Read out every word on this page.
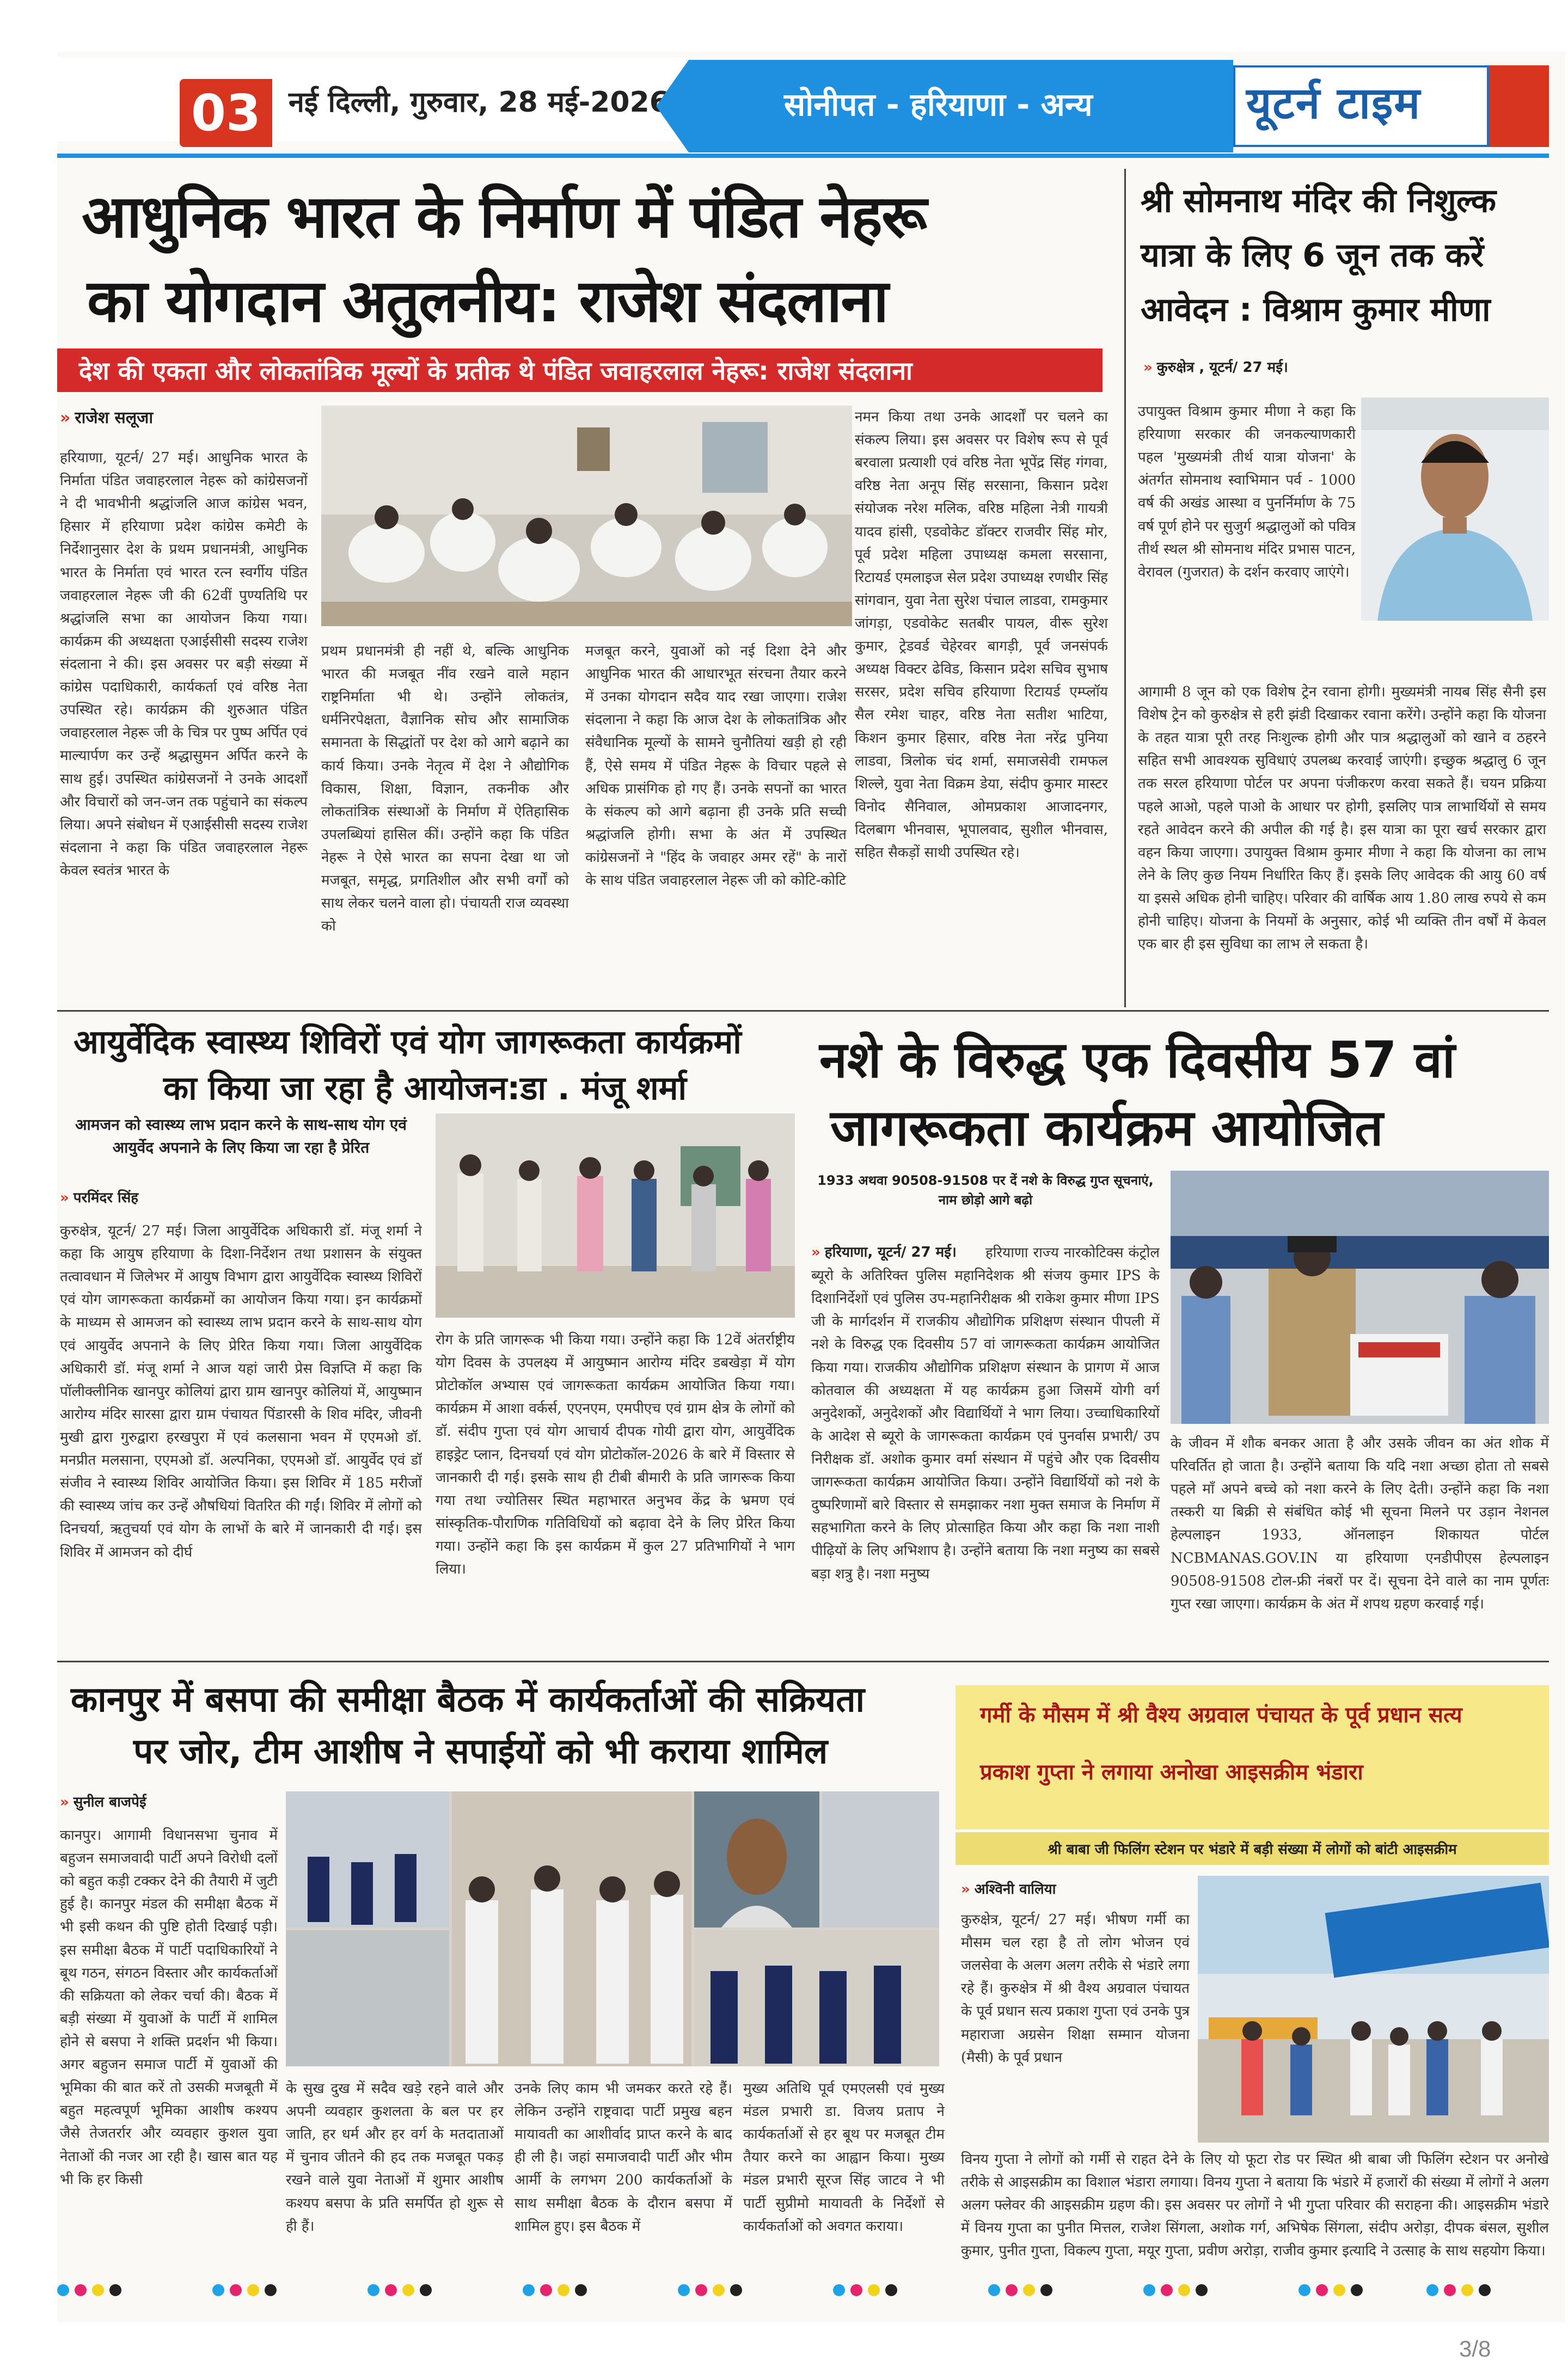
03 नई दिल्ली, गुरुवार, 28 मई-2026	सोनीपत - हरियाणा - अन्य	यूटर्न टाइम
आधुनिक भारत के निर्माण में पंडित नेहरू
का योगदान अतुलनीय: राजेश संदलाना
देश की एकता और लोकतांत्रिक मूल्यों के प्रतीक थे पंडित जवाहरलाल नेहरू: राजेश संदलाना
» राजेश सलूजा
हरियाणा, यूटर्न/ 27 मई। आधुनिक भारत के निर्माता पंडित जवाहरलाल नेहरू को कांग्रेसजनों ने दी भावभीनी श्रद्धांजलि आज कांग्रेस भवन, हिसार में हरियाणा प्रदेश कांग्रेस कमेटी के निर्देशानुसार देश के प्रथम प्रधानमंत्री, आधुनिक भारत के निर्माता एवं भारत रत्न स्वर्गीय पंडित जवाहरलाल नेहरू जी की 62वीं पुण्यतिथि पर श्रद्धांजलि सभा का आयोजन किया गया। कार्यक्रम की अध्यक्षता एआईसीसी सदस्य राजेश संदलाना ने की। इस अवसर पर बड़ी संख्या में कांग्रेस पदाधिकारी, कार्यकर्ता एवं वरिष्ठ नेता उपस्थित रहे। कार्यक्रम की शुरुआत पंडित जवाहरलाल नेहरू जी के चित्र पर पुष्प अर्पित एवं माल्यार्पण कर उन्हें श्रद्धासुमन अर्पित करने के साथ हुई। उपस्थित कांग्रेसजनों ने उनके आदर्शों और विचारों को जन-जन तक पहुंचाने का संकल्प लिया। अपने संबोधन में एआईसीसी सदस्य राजेश संदलाना ने कहा कि पंडित जवाहरलाल नेहरू केवल स्वतंत्र भारत के
प्रथम प्रधानमंत्री ही नहीं थे, बल्कि आधुनिक भारत की मजबूत नींव रखने वाले महान राष्ट्रनिर्माता भी थे। उन्होंने लोकतंत्र, धर्मनिरपेक्षता, वैज्ञानिक सोच और सामाजिक समानता के सिद्धांतों पर देश को आगे बढ़ाने का कार्य किया। उनके नेतृत्व में देश ने औद्योगिक विकास, शिक्षा, विज्ञान, तकनीक और लोकतांत्रिक संस्थाओं के निर्माण में ऐतिहासिक उपलब्धियां हासिल कीं। उन्होंने कहा कि पंडित नेहरू ने ऐसे भारत का सपना देखा था जो मजबूत, समृद्ध, प्रगतिशील और सभी वर्गों को साथ लेकर चलने वाला हो। पंचायती राज व्यवस्था को
मजबूत करने, युवाओं को नई दिशा देने और आधुनिक भारत की आधारभूत संरचना तैयार करने में उनका योगदान सदैव याद रखा जाएगा। राजेश संदलाना ने कहा कि आज देश के लोकतांत्रिक और संवैधानिक मूल्यों के सामने चुनौतियां खड़ी हो रही हैं, ऐसे समय में पंडित नेहरू के विचार पहले से अधिक प्रासंगिक हो गए हैं। उनके सपनों का भारत के संकल्प को आगे बढ़ाना ही उनके प्रति सच्ची श्रद्धांजलि होगी। सभा के अंत में उपस्थित कांग्रेसजनों ने "हिंद के जवाहर अमर रहें" के नारों के साथ पंडित जवाहरलाल नेहरू जी को कोटि-कोटि
नमन किया तथा उनके आदर्शों पर चलने का संकल्प लिया। इस अवसर पर विशेष रूप से पूर्व बरवाला प्रत्याशी एवं वरिष्ठ नेता भूपेंद्र सिंह गंगवा, वरिष्ठ नेता अनूप सिंह सरसाना, किसान प्रदेश संयोजक नरेश मलिक, वरिष्ठ महिला नेत्री गायत्री यादव हांसी, एडवोकेट डॉक्टर राजवीर सिंह मोर, पूर्व प्रदेश महिला उपाध्यक्ष कमला सरसाना, रिटायर्ड एमलाइज सेल प्रदेश उपाध्यक्ष रणधीर सिंह सांगवान, युवा नेता सुरेश पंचाल लाडवा, रामकुमार जांगड़ा, एडवोकेट सतबीर पायल, वीरू सुरेश कुमार, ट्रेडवर्ड चेहेरवर बागड़ी, पूर्व जनसंपर्क अध्यक्ष विक्टर ढेविड, किसान प्रदेश सचिव सुभाष सरसर, प्रदेश सचिव हरियाणा रिटायर्ड एम्प्लॉय सैल रमेश चाहर, वरिष्ठ नेता सतीश भाटिया, किशन कुमार हिसार, वरिष्ठ नेता नरेंद्र पुनिया लाडवा, त्रिलोक चंद शर्मा, समाजसेवी रामफल शिल्ले, युवा नेता विक्रम डेया, संदीप कुमार मास्टर विनोद सैनिवाल, ओमप्रकाश आजादनगर, दिलबाग भीनवास, भूपालवाद, सुशील भीनवास, सहित सैकड़ों साथी उपस्थित रहे।
श्री सोमनाथ मंदिर की निशुल्क
यात्रा के लिए 6 जून तक करें
आवेदन : विश्राम कुमार मीणा
» कुरुक्षेत्र , यूटर्न/ 27 मई।
उपायुक्त विश्राम कुमार मीणा ने कहा कि हरियाणा सरकार की जनकल्याणकारी पहल 'मुख्यमंत्री तीर्थ यात्रा योजना' के अंतर्गत सोमनाथ स्वाभिमान पर्व - 1000 वर्ष की अखंड आस्था व पुनर्निर्माण के 75 वर्ष पूर्ण होने पर सुजुर्ग श्रद्धालुओं को पवित्र तीर्थ स्थल श्री सोमनाथ मंदिर प्रभास पाटन, वेरावल (गुजरात) के दर्शन करवाए जाएंगे।
आगामी 8 जून को एक विशेष ट्रेन रवाना होगी। मुख्यमंत्री नायब सिंह सैनी इस विशेष ट्रेन को कुरुक्षेत्र से हरी झंडी दिखाकर रवाना करेंगे। उन्होंने कहा कि योजना के तहत यात्रा पूरी तरह निःशुल्क होगी और पात्र श्रद्धालुओं को खाने व ठहरने सहित सभी आवश्यक सुविधाएं उपलब्ध करवाई जाएंगी। इच्छुक श्रद्धालु 6 जून तक सरल हरियाणा पोर्टल पर अपना पंजीकरण करवा सकते हैं। चयन प्रक्रिया पहले आओ, पहले पाओ के आधार पर होगी, इसलिए पात्र लाभार्थियों से समय रहते आवेदन करने की अपील की गई है। इस यात्रा का पूरा खर्च सरकार द्वारा वहन किया जाएगा। उपायुक्त विश्राम कुमार मीणा ने कहा कि योजना का लाभ लेने के लिए कुछ नियम निर्धारित किए हैं। इसके लिए आवेदक की आयु 60 वर्ष या इससे अधिक होनी चाहिए। परिवार की वार्षिक आय 1.80 लाख रुपये से कम होनी चाहिए। योजना के नियमों के अनुसार, कोई भी व्यक्ति तीन वर्षों में केवल एक बार ही इस सुविधा का लाभ ले सकता है।
आयुर्वेदिक स्वास्थ्य शिविरों एवं योग जागरूकता कार्यक्रमों
का किया जा रहा है आयोजन:डा . मंजू शर्मा
आमजन को स्वास्थ्य लाभ प्रदान करने के साथ-साथ योग एवं आयुर्वेद अपनाने के लिए किया जा रहा है प्रेरित
» परमिंदर सिंह
कुरुक्षेत्र, यूटर्न/ 27 मई। जिला आयुर्वेदिक अधिकारी डॉ. मंजू शर्मा ने कहा कि आयुष हरियाणा के दिशा-निर्देशन तथा प्रशासन के संयुक्त तत्वावधान में जिलेभर में आयुष विभाग द्वारा आयुर्वेदिक स्वास्थ्य शिविरों एवं योग जागरूकता कार्यक्रमों का आयोजन किया गया। इन कार्यक्रमों के माध्यम से आमजन को स्वास्थ्य लाभ प्रदान करने के साथ-साथ योग एवं आयुर्वेद अपनाने के लिए प्रेरित किया गया। जिला आयुर्वेदिक अधिकारी डॉ. मंजू शर्मा ने आज यहां जारी प्रेस विज्ञप्ति में कहा कि पॉलीक्लीनिक खानपुर कोलियां द्वारा ग्राम खानपुर कोलियां में, आयुष्मान आरोग्य मंदिर सारसा द्वारा ग्राम पंचायत पिंडारसी के शिव मंदिर, जीवनी मुखी द्वारा गुरुद्वारा हरखपुरा में एवं कलसाना भवन में एएमओ डॉ. मनप्रीत मलसाना, एएमओ डॉ. अल्पनिका, एएमओ डॉ. आयुर्वेद एवं डॉ संजीव ने स्वास्थ्य शिविर आयोजित किया। इस शिविर में 185 मरीजों की स्वास्थ्य जांच कर उन्हें औषधियां वितरित की गईं। शिविर में लोगों को दिनचर्या, ऋतुचर्या एवं योग के लाभों के बारे में जानकारी दी गई। इस शिविर में आमजन को दीर्घ
रोग के प्रति जागरूक भी किया गया। उन्होंने कहा कि 12वें अंतर्राष्ट्रीय योग दिवस के उपलक्ष्य में आयुष्मान आरोग्य मंदिर डबखेड़ा में योग प्रोटोकॉल अभ्यास एवं जागरूकता कार्यक्रम आयोजित किया गया। कार्यक्रम में आशा वर्कर्स, एएनएम, एमपीएच एवं ग्राम क्षेत्र के लोगों को डॉ. संदीप गुप्ता एवं योग आचार्य दीपक गोयी द्वारा योग, आयुर्वेदिक हाइड्रेट प्लान, दिनचर्या एवं योग प्रोटोकॉल-2026 के बारे में विस्तार से जानकारी दी गई। इसके साथ ही टीबी बीमारी के प्रति जागरूक किया गया तथा ज्योतिसर स्थित महाभारत अनुभव केंद्र के भ्रमण एवं सांस्कृतिक-पौराणिक गतिविधियों को बढ़ावा देने के लिए प्रेरित किया गया। उन्होंने कहा कि इस कार्यक्रम में कुल 27 प्रतिभागियों ने भाग लिया।
नशे के विरुद्ध एक दिवसीय 57 वां
जागरूकता कार्यक्रम आयोजित
1933 अथवा 90508-91508 पर दें नशे के विरुद्ध गुप्त सूचनाएं, नाम छोड़ो आगे बढ़ो
» हरियाणा, यूटर्न/ 27 मई।	हरियाणा राज्य नारकोटिक्स कंट्रोल ब्यूरो के अतिरिक्त पुलिस महानिदेशक श्री संजय कुमार IPS के दिशानिर्देशों एवं पुलिस उप-महानिरीक्षक श्री राकेश कुमार मीणा IPS जी के मार्गदर्शन में राजकीय औद्योगिक प्रशिक्षण संस्थान पीपली में नशे के विरुद्ध एक दिवसीय 57 वां जागरूकता कार्यक्रम आयोजित किया गया। राजकीय औद्योगिक प्रशिक्षण संस्थान के प्रागण में आज कोतवाल की अध्यक्षता में यह कार्यक्रम हुआ जिसमें योगी वर्ग अनुदेशकों, अनुदेशकों और विद्यार्थियों ने भाग लिया। उच्चाधिकारियों के आदेश से ब्यूरो के जागरूकता कार्यक्रम एवं पुनर्वास प्रभारी/ उप निरीक्षक डॉ. अशोक कुमार वर्मा संस्थान में पहुंचे और एक दिवसीय जागरूकता कार्यक्रम आयोजित किया। उन्होंने विद्यार्थियों को नशे के दुष्परिणामों बारे विस्तार से समझाकर नशा मुक्त समाज के निर्माण में सहभागिता करने के लिए प्रोत्साहित किया और कहा कि नशा नाशी पीढ़ियों के लिए अभिशाप है। उन्होंने बताया कि नशा मनुष्य का सबसे बड़ा शत्रु है। नशा मनुष्य
के जीवन में शौक बनकर आता है और उसके जीवन का अंत शोक में परिवर्तित हो जाता है। उन्होंने बताया कि यदि नशा अच्छा होता तो सबसे पहले माँ अपने बच्चे को नशा करने के लिए देती। उन्होंने कहा कि नशा तस्करी या बिक्री से संबंधित कोई भी सूचना मिलने पर उड़ान नेशनल हेल्पलाइन 1933, ऑनलाइन शिकायत पोर्टल NCBMANAS.GOV.IN या हरियाणा एनडीपीएस हेल्पलाइन 90508-91508 टोल-फ्री नंबरों पर दें। सूचना देने वाले का नाम पूर्णतः गुप्त रखा जाएगा। कार्यक्रम के अंत में शपथ ग्रहण करवाई गई।
कानपुर में बसपा की समीक्षा बैठक में कार्यकर्ताओं की सक्रियता
पर जोर, टीम आशीष ने सपाईयों को भी कराया शामिल
» सुनील बाजपेई
कानपुर। आगामी विधानसभा चुनाव में बहुजन समाजवादी पार्टी अपने विरोधी दलों को बहुत कड़ी टक्कर देने की तैयारी में जुटी हुई है। कानपुर मंडल की समीक्षा बैठक में भी इसी कथन की पुष्टि होती दिखाई पड़ी। इस समीक्षा बैठक में पार्टी पदाधिकारियों ने बूथ गठन, संगठन विस्तार और कार्यकर्ताओं की सक्रियता को लेकर चर्चा की। बैठक में बड़ी संख्या में युवाओं के पार्टी में शामिल होने से बसपा ने शक्ति प्रदर्शन भी किया। अगर बहुजन समाज पार्टी में युवाओं की भूमिका की बात करें तो उसकी मजबूती में बहुत महत्वपूर्ण भूमिका आशीष कश्यप जैसे तेजतर्रार और व्यवहार कुशल युवा नेताओं की नजर आ रही है। खास बात यह भी कि हर किसी
के सुख दुख में सदैव खड़े रहने वाले और अपनी व्यवहार कुशलता के बल पर हर जाति, हर धर्म और हर वर्ग के मतदाताओं में चुनाव जीतने की हद तक मजबूत पकड़ रखने वाले युवा नेताओं में शुमार आशीष कश्यप बसपा के प्रति समर्पित हो शुरू से ही हैं।
उनके लिए काम भी जमकर करते रहे हैं। लेकिन उन्होंने राष्ट्रवादा पार्टी प्रमुख बहन मायावती का आशीर्वाद प्राप्त करने के बाद ही ली है। जहां समाजवादी पार्टी और भीम आर्मी के लगभग 200 कार्यकर्ताओं के साथ समीक्षा बैठक के दौरान बसपा में शामिल हुए। इस बैठक में
मुख्य अतिथि पूर्व एमएलसी एवं मुख्य मंडल प्रभारी डा. विजय प्रताप ने कार्यकर्ताओं से हर बूथ पर मजबूत टीम तैयार करने का आह्वान किया। मुख्य मंडल प्रभारी सूरज सिंह जाटव ने भी पार्टी सुप्रीमो मायावती के निर्देशों से कार्यकर्ताओं को अवगत कराया।
गर्मी के मौसम में श्री वैश्य अग्रवाल पंचायत के पूर्व प्रधान सत्य
प्रकाश गुप्ता ने लगाया अनोखा आइसक्रीम भंडारा
श्री बाबा जी फिलिंग स्टेशन पर भंडारे में बड़ी संख्या में लोगों को बांटी आइसक्रीम
» अश्विनी वालिया
कुरुक्षेत्र, यूटर्न/ 27 मई। भीषण गर्मी का मौसम चल रहा है तो लोग भोजन एवं जलसेवा के अलग अलग तरीके से भंडारे लगा रहे हैं। कुरुक्षेत्र में श्री वैश्य अग्रवाल पंचायत के पूर्व प्रधान सत्य प्रकाश गुप्ता एवं उनके पुत्र महाराजा अग्रसेन शिक्षा सम्मान योजना (मैसी) के पूर्व प्रधान
विनय गुप्ता ने लोगों को गर्मी से राहत देने के लिए यो फूटा रोड पर स्थित श्री बाबा जी फिलिंग स्टेशन पर अनोखे तरीके से आइसक्रीम का विशाल भंडारा लगाया। विनय गुप्ता ने बताया कि भंडारे में हजारों की संख्या में लोगों ने अलग अलग फ्लेवर की आइसक्रीम ग्रहण की। इस अवसर पर लोगों ने भी गुप्ता परिवार की सराहना की। आइसक्रीम भंडारे में विनय गुप्ता का पुनीत मित्तल, राजेश सिंगला, अशोक गर्ग, अभिषेक सिंगला, संदीप अरोड़ा, दीपक बंसल, सुशील कुमार, पुनीत गुप्ता, विकल्प गुप्ता, मयूर गुप्ता, प्रवीण अरोड़ा, राजीव कुमार इत्यादि ने उत्साह के साथ सहयोग किया।
3/8
